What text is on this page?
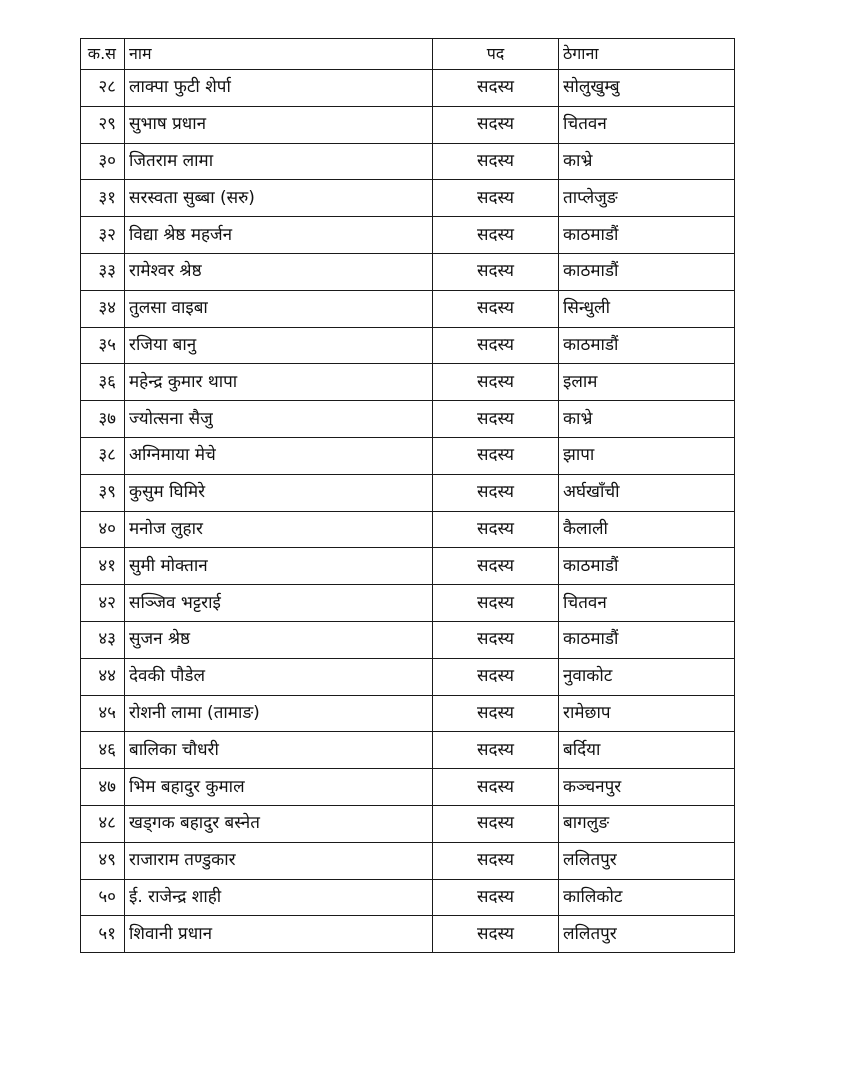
क.स	नाम	पद	ठेगाना
२८	लाक्पा फुटी शेर्पा	सदस्य	सोलुखुम्बु
२९	सुभाष प्रधान	सदस्य	चितवन
३०	जितराम लामा	सदस्य	काभ्रे
३१	सरस्वता सुब्बा (सरु)	सदस्य	ताप्लेजुङ
३२	विद्या श्रेष्ठ महर्जन	सदस्य	काठमाडौं
३३	रामेश्वर श्रेष्ठ	सदस्य	काठमाडौं
३४	तुलसा वाइबा	सदस्य	सिन्धुली
३५	रजिया बानु	सदस्य	काठमाडौं
३६	महेन्द्र कुमार थापा	सदस्य	इलाम
३७	ज्योत्सना सैजु	सदस्य	काभ्रे
३८	अग्निमाया मेचे	सदस्य	झापा
३९	कुसुम घिमिरे	सदस्य	अर्घखाँची
४०	मनोज लुहार	सदस्य	कैलाली
४१	सुमी मोक्तान	सदस्य	काठमाडौं
४२	सञ्जिव भट्टराई	सदस्य	चितवन
४३	सुजन श्रेष्ठ	सदस्य	काठमाडौं
४४	देवकी पौडेल	सदस्य	नुवाकोट
४५	रोशनी लामा (तामाङ)	सदस्य	रामेछाप
४६	बालिका चौधरी	सदस्य	बर्दिया
४७	भिम बहादुर कुमाल	सदस्य	कञ्चनपुर
४८	खड्गक बहादुर बस्नेत	सदस्य	बागलुङ
४९	राजाराम तण्डुकार	सदस्य	ललितपुर
५०	ई. राजेन्द्र शाही	सदस्य	कालिकोट
५१	शिवानी प्रधान	सदस्य	ललितपुर
